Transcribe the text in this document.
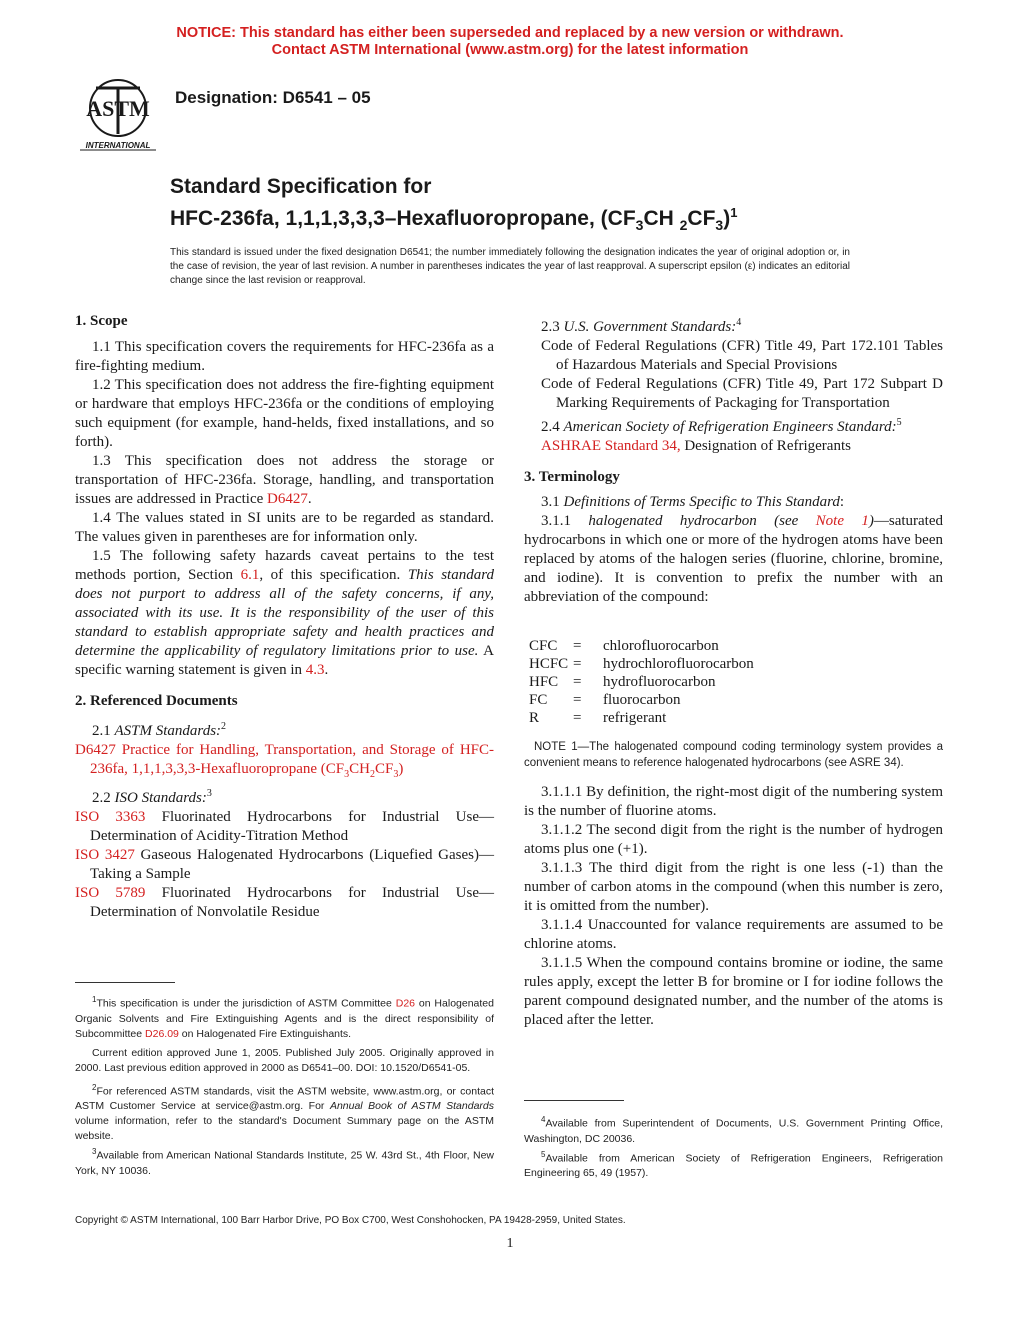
NOTICE: This standard has either been superseded and replaced by a new version or withdrawn.
Contact ASTM International (www.astm.org) for the latest information
ASTM
INTERNATIONAL
Designation: D6541 – 05
Standard Specification for
HFC-236fa, 1,1,1,3,3,3–Hexafluoropropane, ($CF_3CH$ $_2CF_3)^1$
This standard is issued under the fixed designation D6541; the number immediately following the designation indicates the year of original adoption or, in the case of revision, the year of last revision. A number in parentheses indicates the year of last reapproval. A superscript epsilon (ε) indicates an editorial change since the last revision or reapproval.

1. Scope

1.1 This specification covers the requirements for HFC-236fa as a fire-fighting medium.

1.2 This specification does not address the fire-fighting equipment or hardware that employs HFC-236fa or the conditions of employing such equipment (for example, hand-helds, fixed installations, and so forth).

1.3 This specification does not address the storage or transportation of HFC-236fa. Storage, handling, and transportation issues are addressed in Practice D6427.

1.4 The values stated in SI units are to be regarded as standard. The values given in parentheses are for information only.

1.5 The following safety hazards caveat pertains to the test methods portion, Section 6.1, of this specification. This standard does not purport to address all of the safety concerns, if any, associated with its use. It is the responsibility of the user of this standard to establish appropriate safety and health practices and determine the applicability of regulatory limitations prior to use. A specific warning statement is given in 4.3.

2. Referenced Documents

2.1 ASTM Standards:$^2$

D6427 Practice for Handling, Transportation, and Storage of HFC-236fa, 1,1,1,3,3,3-Hexafluoropropane $(CF_3CH_2CF_3)$

2.2 ISO Standards:$^3$

ISO 3363 Fluorinated Hydrocarbons for Industrial Use—Determination of Acidity-Titration Method

ISO 3427 Gaseous Halogenated Hydrocarbons (Liquefied Gases)—Taking a Sample

ISO 5789 Fluorinated Hydrocarbons for Industrial Use—Determination of Nonvolatile Residue

$^1$This specification is under the jurisdiction of ASTM Committee D26 on Halogenated Organic Solvents and Fire Extinguishing Agents and is the direct responsibility of Subcommittee D26.09 on Halogenated Fire Extinguishants.

Current edition approved June 1, 2005. Published July 2005. Originally approved in 2000. Last previous edition approved in 2000 as D6541–00. DOI: 10.1520/D6541-05.

$^2$For referenced ASTM standards, visit the ASTM website, www.astm.org, or contact ASTM Customer Service at service@astm.org. For Annual Book of ASTM Standards volume information, refer to the standard's Document Summary page on the ASTM website.

$^3$Available from American National Standards Institute, 25 W. 43rd St., 4th Floor, New York, NY 10036.

2.3 U.S. Government Standards:$^4$

Code of Federal Regulations (CFR) Title 49, Part 172.101 Tables of Hazardous Materials and Special Provisions

Code of Federal Regulations (CFR) Title 49, Part 172 Subpart D Marking Requirements of Packaging for Transportation

2.4 American Society of Refrigeration Engineers Standard:$^5$

ASHRAE Standard 34, Designation of Refrigerants

3. Terminology

3.1 Definitions of Terms Specific to This Standard:

3.1.1 halogenated hydrocarbon (see Note 1)—saturated hydrocarbons in which one or more of the hydrogen atoms have been replaced by atoms of the halogen series (fluorine, chlorine, bromine, and iodine). It is convention to prefix the number with an abbreviation of the compound:

CFC	=	chlorofluorocarbon
HCFC	=	hydrochlorofluorocarbon
HFC	=	hydrofluorocarbon
FC	=	fluorocarbon
R	=	refrigerant

NOTE 1—The halogenated compound coding terminology system provides a convenient means to reference halogenated hydrocarbons (see ASRE 34).

3.1.1.1 By definition, the right-most digit of the numbering system is the number of fluorine atoms.

3.1.1.2 The second digit from the right is the number of hydrogen atoms plus one (+1).

3.1.1.3 The third digit from the right is one less (-1) than the number of carbon atoms in the compound (when this number is zero, it is omitted from the number).

3.1.1.4 Unaccounted for valance requirements are assumed to be chlorine atoms.

3.1.1.5 When the compound contains bromine or iodine, the same rules apply, except the letter B for bromine or I for iodine follows the parent compound designated number, and the number of the atoms is placed after the letter.

$^4$Available from Superintendent of Documents, U.S. Government Printing Office, Washington, DC 20036.

$^5$Available from American Society of Refrigeration Engineers, Refrigeration Engineering 65, 49 (1957).

Copyright © ASTM International, 100 Barr Harbor Drive, PO Box C700, West Conshohocken, PA 19428-2959, United States.
1
